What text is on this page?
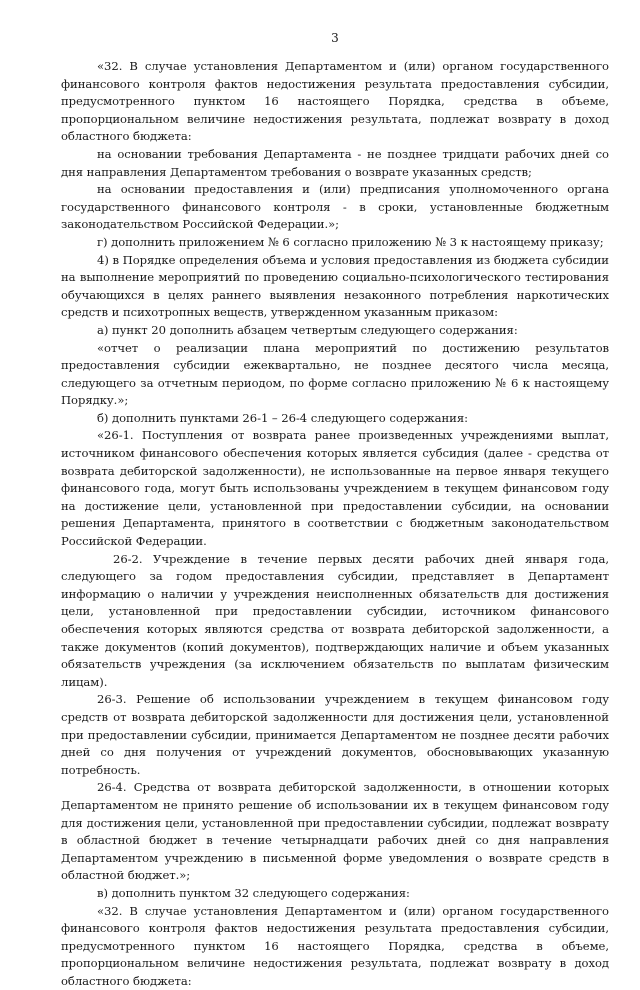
3

«32. В случае установления Департаментом и (или) органом государственного финансового контроля фактов недостижения результата предоставления субсидии, предусмотренного пунктом 16 настоящего Порядка, средства в объеме, пропорциональном величине недостижения результата, подлежат возврату в доход областного бюджета:

на основании требования Департамента - не позднее тридцати рабочих дней со дня направления Департаментом требования о возврате указанных средств;

на основании предоставления и (или) предписания уполномоченного органа государственного финансового контроля - в сроки, установленные бюджетным законодательством Российской Федерации.»;

г) дополнить приложением № 6 согласно приложению № 3 к настоящему приказу;

4) в Порядке определения объема и условия предоставления из бюджета субсидии на выполнение мероприятий по проведению социально-психологического тестирования обучающихся в целях раннего выявления незаконного потребления наркотических средств и психотропных веществ, утвержденном указанным приказом:

а) пункт 20 дополнить абзацем четвертым следующего содержания:

«отчет о реализации плана мероприятий по достижению результатов предоставления субсидии ежеквартально, не позднее десятого числа месяца, следующего за отчетным периодом, по форме согласно приложению № 6 к настоящему Порядку.»;

б) дополнить пунктами 26-1 – 26-4 следующего содержания:

«26-1. Поступления от возврата ранее произведенных учреждениями выплат, источником финансового обеспечения которых является субсидия (далее - средства от возврата дебиторской задолженности), не использованные на первое января текущего финансового года, могут быть использованы учреждением в текущем финансовом году на достижение цели, установленной при предоставлении субсидии, на основании решения Департамента, принятого в соответствии с бюджетным законодательством Российской Федерации.

26-2. Учреждение в течение первых десяти рабочих дней января года, следующего за годом предоставления субсидии, представляет в Департамент информацию о наличии у учреждения неисполненных обязательств для достижения цели, установленной при предоставлении субсидии, источником финансового обеспечения которых являются средства от возврата дебиторской задолженности, а также документов (копий документов), подтверждающих наличие и объем указанных обязательств учреждения (за исключением обязательств по выплатам физическим лицам).

26-3. Решение об использовании учреждением в текущем финансовом году средств от возврата дебиторской задолженности для достижения цели, установленной при предоставлении субсидии, принимается Департаментом не позднее десяти рабочих дней со дня получения от учреждений документов, обосновывающих указанную потребность.

26-4. Средства от возврата дебиторской задолженности, в отношении которых Департаментом не принято решение об использовании их в текущем финансовом году для достижения цели, установленной при предоставлении субсидии, подлежат возврату в областной бюджет в течение четырнадцати рабочих дней со дня направления Департаментом учреждению в письменной форме уведомления о возврате средств в областной бюджет.»;

в) дополнить пунктом 32 следующего содержания:

«32. В случае установления Департаментом и (или) органом государственного финансового контроля фактов недостижения результата предоставления субсидии, предусмотренного пунктом 16 настоящего Порядка, средства в объеме, пропорциональном величине недостижения результата, подлежат возврату в доход областного бюджета:
